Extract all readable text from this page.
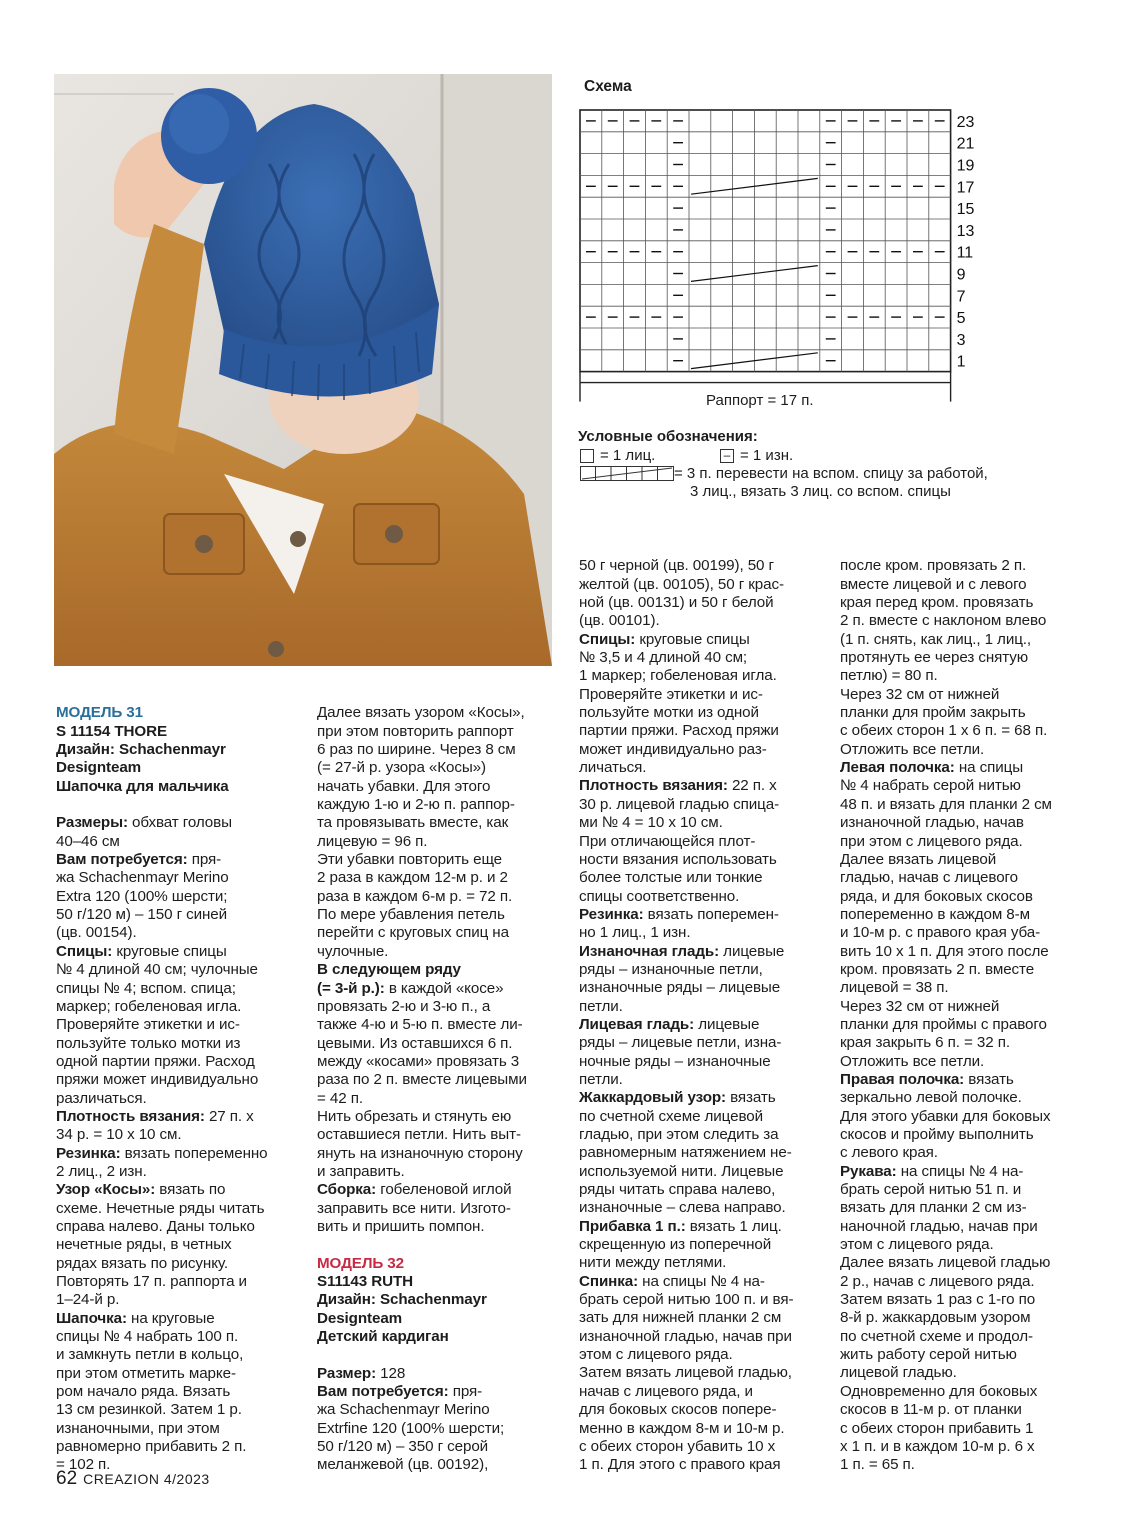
Схема
23
21
19
17
15
13
11
9
7
5
3
1
Раппорт = 17 п.
Условные обозначения:
= 1 лиц.	– = 1 изн.
= 3 п. перевести на вспом. спицу за работой,
3 лиц., вязать 3 лиц. со вспом. спицы

МОДЕЛЬ 31
S 11154 THORE
Дизайн: Schachenmayr
Designteam
Шапочка для мальчика
Размеры: обхват головы
40–46 см
Вам потребуется: пря-
жа Schachenmayr Merino
Extra 120 (100% шерсти;
50 г/120 м) – 150 г синей
(цв. 00154).
Спицы: круговые спицы
№ 4 длиной 40 см; чулочные
спицы № 4; вспом. спица;
маркер; гобеленовая игла.
Проверяйте этикетки и ис-
пользуйте только мотки из
одной партии пряжи. Расход
пряжи может индивидуально
различаться.
Плотность вязания: 27 п. х
34 р. = 10 х 10 см.
Резинка: вязать попеременно
2 лиц., 2 изн.
Узор «Косы»: вязать по
схеме. Нечетные ряды читать
справа налево. Даны только
нечетные ряды, в четных
рядах вязать по рисунку.
Повторять 17 п. раппорта и
1–24-й р.
Шапочка: на круговые
спицы № 4 набрать 100 п.
и замкнуть петли в кольцо,
при этом отметить марке-
ром начало ряда. Вязать
13 см резинкой. Затем 1 р.
изнаночными, при этом
равномерно прибавить 2 п.
= 102 п.

Далее вязать узором «Косы»,
при этом повторить раппорт
6 раз по ширине. Через 8 см
(= 27-й р. узора «Косы»)
начать убавки. Для этого
каждую 1-ю и 2-ю п. раппор-
та провязывать вместе, как
лицевую = 96 п.
Эти убавки повторить еще
2 раза в каждом 12-м р. и 2
раза в каждом 6-м р. = 72 п.
По мере убавления петель
перейти с круговых спиц на
чулочные.
В следующем ряду
(= 3-й р.): в каждой «косе»
провязать 2-ю и 3-ю п., а
также 4-ю и 5-ю п. вместе ли-
цевыми. Из оставшихся 6 п.
между «косами» провязать 3
раза по 2 п. вместе лицевыми
= 42 п.
Нить обрезать и стянуть ею
оставшиеся петли. Нить выт-
януть на изнаночную сторону
и заправить.
Сборка: гобеленовой иглой
заправить все нити. Изгото-
вить и пришить помпон.
МОДЕЛЬ 32
S11143 RUTH
Дизайн: Schachenmayr
Designteam
Детский кардиган
Размер: 128
Вам потребуется: пря-
жа Schachenmayr Merino
Extrfine 120 (100% шерсти;
50 г/120 м) – 350 г серой
меланжевой (цв. 00192),

50 г черной (цв. 00199), 50 г
желтой (цв. 00105), 50 г крас-
ной (цв. 00131) и 50 г белой
(цв. 00101).
Спицы: круговые спицы
№ 3,5 и 4 длиной 40 см;
1 маркер; гобеленовая игла.
Проверяйте этикетки и ис-
пользуйте мотки из одной
партии пряжи. Расход пряжи
может индивидуально раз-
личаться.
Плотность вязания: 22 п. х
30 р. лицевой гладью спица-
ми № 4 = 10 х 10 см.
При отличающейся плот-
ности вязания использовать
более толстые или тонкие
спицы соответственно.
Резинка: вязать поперемен-
но 1 лиц., 1 изн.
Изнаночная гладь: лицевые
ряды – изнаночные петли,
изнаночные ряды – лицевые
петли.
Лицевая гладь: лицевые
ряды – лицевые петли, изна-
ночные ряды – изнаночные
петли.
Жаккардовый узор: вязать
по счетной схеме лицевой
гладью, при этом следить за
равномерным натяжением не-
используемой нити. Лицевые
ряды читать справа налево,
изнаночные – слева направо.
Прибавка 1 п.: вязать 1 лиц.
скрещенную из поперечной
нити между петлями.
Спинка: на спицы № 4 на-
брать серой нитью 100 п. и вя-
зать для нижней планки 2 см
изнаночной гладью, начав при
этом с лицевого ряда.
Затем вязать лицевой гладью,
начав с лицевого ряда, и
для боковых скосов попере-
менно в каждом 8-м и 10-м р.
с обеих сторон убавить 10 х
1 п. Для этого с правого края

после кром. провязать 2 п.
вместе лицевой и с левого
края перед кром. провязать
2 п. вместе с наклоном влево
(1 п. снять, как лиц., 1 лиц.,
протянуть ее через снятую
петлю) = 80 п.
Через 32 см от нижней
планки для пройм закрыть
с обеих сторон 1 х 6 п. = 68 п.
Отложить все петли.
Левая полочка: на спицы
№ 4 набрать серой нитью
48 п. и вязать для планки 2 см
изнаночной гладью, начав
при этом с лицевого ряда.
Далее вязать лицевой
гладью, начав с лицевого
ряда, и для боковых скосов
попеременно в каждом 8-м
и 10-м р. с правого края уба-
вить 10 х 1 п. Для этого после
кром. провязать 2 п. вместе
лицевой = 38 п.
Через 32 см от нижней
планки для проймы с правого
края закрыть 6 п. = 32 п.
Отложить все петли.
Правая полочка: вязать
зеркально левой полочке.
Для этого убавки для боковых
скосов и пройму выполнить
с левого края.
Рукава: на спицы № 4 на-
брать серой нитью 51 п. и
вязать для планки 2 см из-
наночной гладью, начав при
этом с лицевого ряда.
Далее вязать лицевой гладью
2 р., начав с лицевого ряда.
Затем вязать 1 раз с 1-го по
8-й р. жаккардовым узором
по счетной схеме и продол-
жить работу серой нитью
лицевой гладью.
Одновременно для боковых
скосов в 11-м р. от планки
с обеих сторон прибавить 1
х 1 п. и в каждом 10-м р. 6 х
1 п. = 65 п.

62 CREAZION 4/2023
